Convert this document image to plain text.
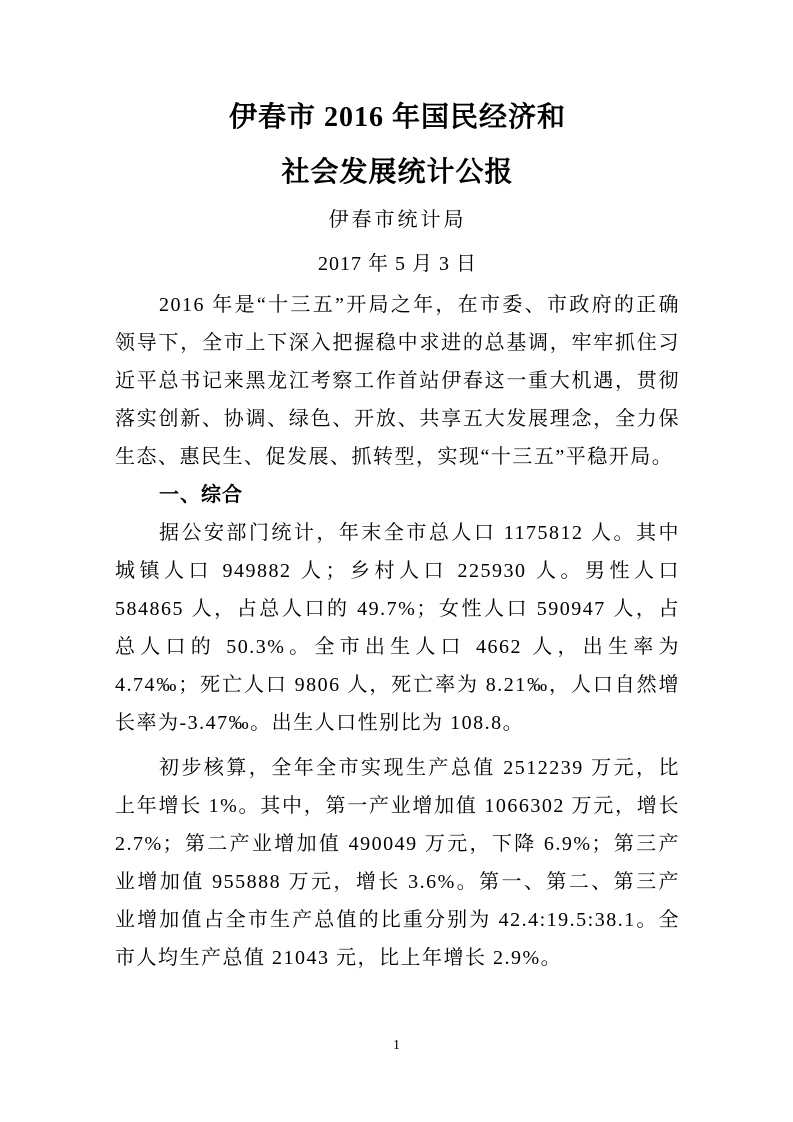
伊春市 2016 年国民经济和
社会发展统计公报

伊春市统计局

2017 年 5 月 3 日

2016 年是“十三五”开局之年，在市委、市政府的正确领导下，全市上下深入把握稳中求进的总基调，牢牢抓住习近平总书记来黑龙江考察工作首站伊春这一重大机遇，贯彻落实创新、协调、绿色、开放、共享五大发展理念，全力保生态、惠民生、促发展、抓转型，实现“十三五”平稳开局。

一、综合

据公安部门统计，年末全市总人口 1175812 人。其中城镇人口 949882 人；乡村人口 225930 人。男性人口 584865 人，占总人口的 49.7%；女性人口 590947 人，占总人口的 50.3%。全市出生人口 4662 人，出生率为 4.74‰；死亡人口 9806 人，死亡率为 8.21‰，人口自然增长率为-3.47‰。出生人口性别比为 108.8。

初步核算，全年全市实现生产总值 2512239 万元，比上年增长 1%。其中，第一产业增加值 1066302 万元，增长 2.7%；第二产业增加值 490049 万元，下降 6.9%；第三产业增加值 955888 万元，增长 3.6%。第一、第二、第三产业增加值占全市生产总值的比重分别为 42.4:19.5:38.1。全市人均生产总值 21043 元，比上年增长 2.9%。

1
